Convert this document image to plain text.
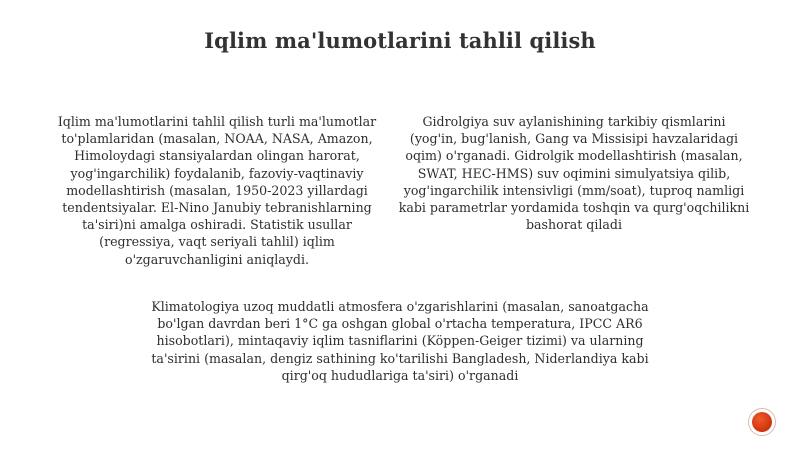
Iqlim ma'lumotlarini tahlil qilish

Iqlim ma'lumotlarini tahlil qilish turli ma'lumotlar to'plamlaridan (masalan, NOAA, NASA, Amazon, Himoloydagi stansiyalardan olingan harorat, yog'ingarchilik) foydalanib, fazoviy-vaqtinaviy modellashtirish (masalan, 1950-2023 yillardagi tendentsiyalar. El-Nino Janubiy tebranishlarning ta'siri)ni amalga oshiradi. Statistik usullar (regressiya, vaqt seriyali tahlil) iqlim o'zgaruvchanligini aniqlaydi.

Gidrolgiya suv aylanishining tarkibiy qismlarini (yog'in, bug'lanish, Gang va Missisipi havzalaridagi oqim) o'rganadi. Gidrolgik modellashtirish (masalan, SWAT, HEC-HMS) suv oqimini simulyatsiya qilib, yog'ingarchilik intensivligi (mm/soat), tuproq namligi kabi parametrlar yordamida toshqin va qurg'oqchilikni bashorat qiladi

Klimatologiya uzoq muddatli atmosfera o'zgarishlarini (masalan, sanoatgacha bo'lgan davrdan beri 1°C ga oshgan global o'rtacha temperatura, IPCC AR6 hisobotlari), mintaqaviy iqlim tasniflarini (Köppen-Geiger tizimi) va ularning ta'sirini (masalan, dengiz sathining ko'tarilishi Bangladesh, Niderlandiya kabi qirg'oq hududlariga ta'siri) o'rganadi
